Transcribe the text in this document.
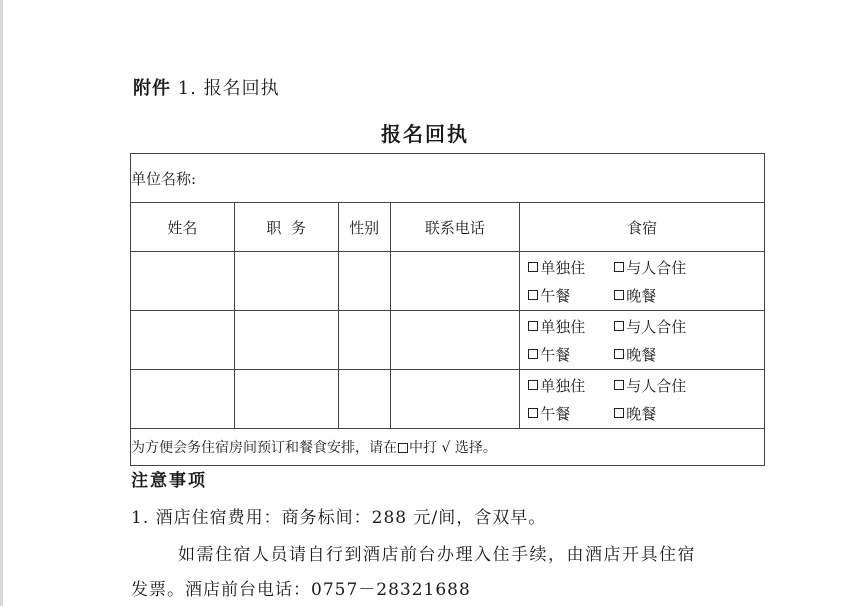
附件 1. 报名回执
报名回执
单位名称:				
姓名	职  务	性别	联系电话	食宿

				单独住 与人合住
午餐 晚餐

				单独住 与人合住
午餐 晚餐

				单独住 与人合住
午餐 晚餐

为方便会务住宿房间预订和餐食安排，请在 中打 √ 选择。				
注意事项
1. 酒店住宿费用：商务标间：288 元/间，含双早。
如需住宿人员请自行到酒店前台办理入住手续，由酒店开具住宿
发票。酒店前台电话：0757－28321688
